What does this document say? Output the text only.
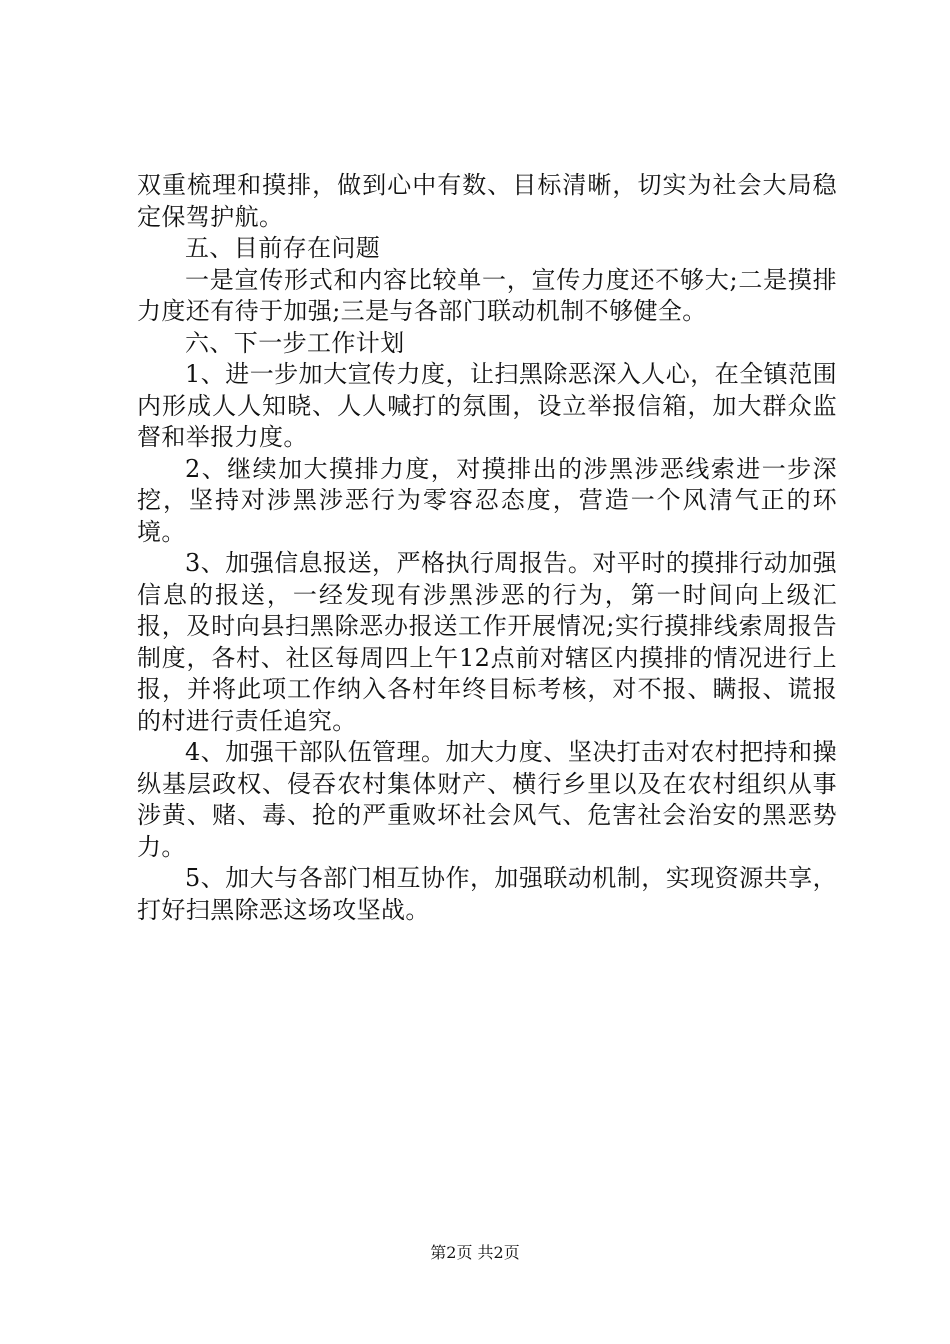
双重梳理和摸排，做到心中有数、目标清晰，切实为社会大局稳定保驾护航。

五、目前存在问题

一是宣传形式和内容比较单一，宣传力度还不够大;二是摸排力度还有待于加强;三是与各部门联动机制不够健全。

六、下一步工作计划

1、进一步加大宣传力度，让扫黑除恶深入人心，在全镇范围内形成人人知晓、人人喊打的氛围，设立举报信箱，加大群众监督和举报力度。

2、继续加大摸排力度，对摸排出的涉黑涉恶线索进一步深挖，坚持对涉黑涉恶行为零容忍态度，营造一个风清气正的环境。

3、加强信息报送，严格执行周报告。对平时的摸排行动加强信息的报送，一经发现有涉黑涉恶的行为，第一时间向上级汇报，及时向县扫黑除恶办报送工作开展情况;实行摸排线索周报告制度，各村、社区每周四上午12点前对辖区内摸排的情况进行上报，并将此项工作纳入各村年终目标考核，对不报、瞒报、谎报的村进行责任追究。

4、加强干部队伍管理。加大力度、坚决打击对农村把持和操纵基层政权、侵吞农村集体财产、横行乡里以及在农村组织从事涉黄、赌、毒、抢的严重败坏社会风气、危害社会治安的黑恶势力。

5、加大与各部门相互协作，加强联动机制，实现资源共享，打好扫黑除恶这场攻坚战。

第2页 共2页
